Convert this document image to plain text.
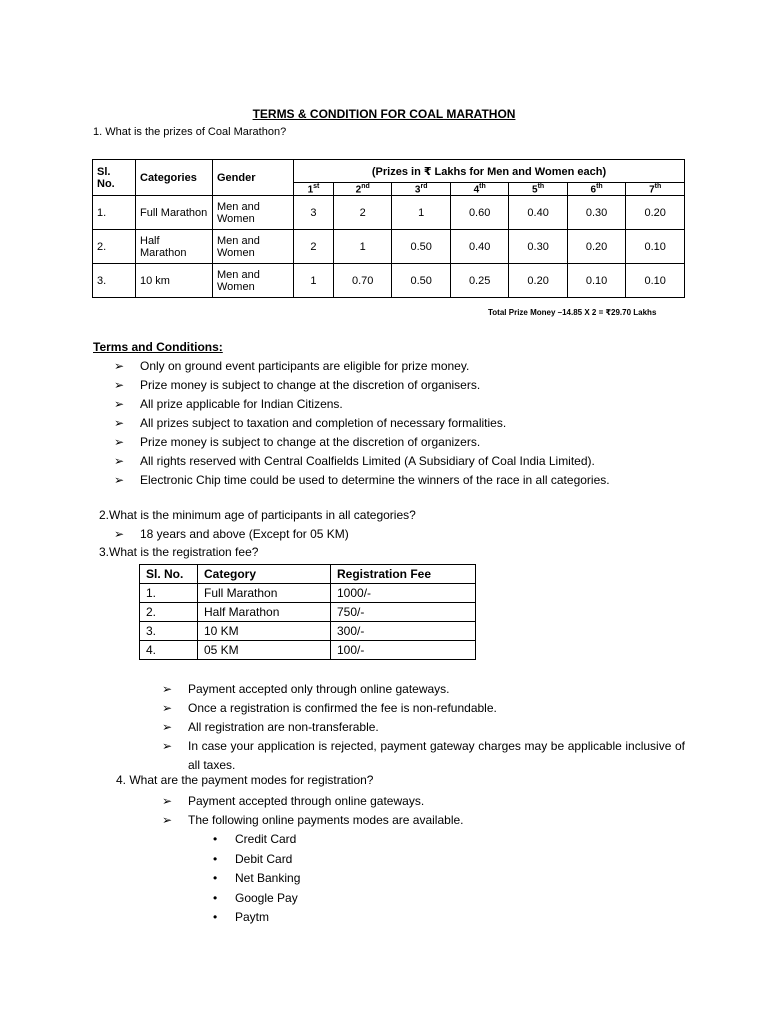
TERMS & CONDITION FOR COAL MARATHON
1. What is the prizes of Coal Marathon?
Sl. No.	Categories	Gender	(Prizes in ₹ Lakhs for Men and Women each)						
			1st	2nd	3rd	4th	5th	6th	7th
1.	Full Marathon	Men and Women	3	2	1	0.60	0.40	0.30	0.20
2.	Half Marathon	Men and Women	2	1	0.50	0.40	0.30	0.20	0.10
3.	10 km	Men and Women	1	0.70	0.50	0.25	0.20	0.10	0.10
Total Prize Money –14.85 X 2 = ₹29.70 Lakhs
Terms and Conditions:
➢ Only on ground event participants are eligible for prize money.
➢ Prize money is subject to change at the discretion of organisers.
➢ All prize applicable for Indian Citizens.
➢ All prizes subject to taxation and completion of necessary formalities.
➢ Prize money is subject to change at the discretion of organizers.
➢ All rights reserved with Central Coalfields Limited (A Subsidiary of Coal India Limited).
➢ Electronic Chip time could be used to determine the winners of the race in all categories.
2.What is the minimum age of participants in all categories?
➢ 18 years and above (Except for 05 KM)
3.What is the registration fee?
Sl. No.	Category	Registration Fee
1.	Full Marathon	1000/-
2.	Half Marathon	750/-
3.	10 KM	300/-
4.	05 KM	100/-
➢ Payment accepted only through online gateways.
➢ Once a registration is confirmed the fee is non-refundable.
➢ All registration are non-transferable.
➢ In case your application is rejected, payment gateway charges may be applicable inclusive of all taxes.
4. What are the payment modes for registration?
➢ Payment accepted through online gateways.
➢ The following online payments modes are available.
• Credit Card
• Debit Card
• Net Banking
• Google Pay
• Paytm
